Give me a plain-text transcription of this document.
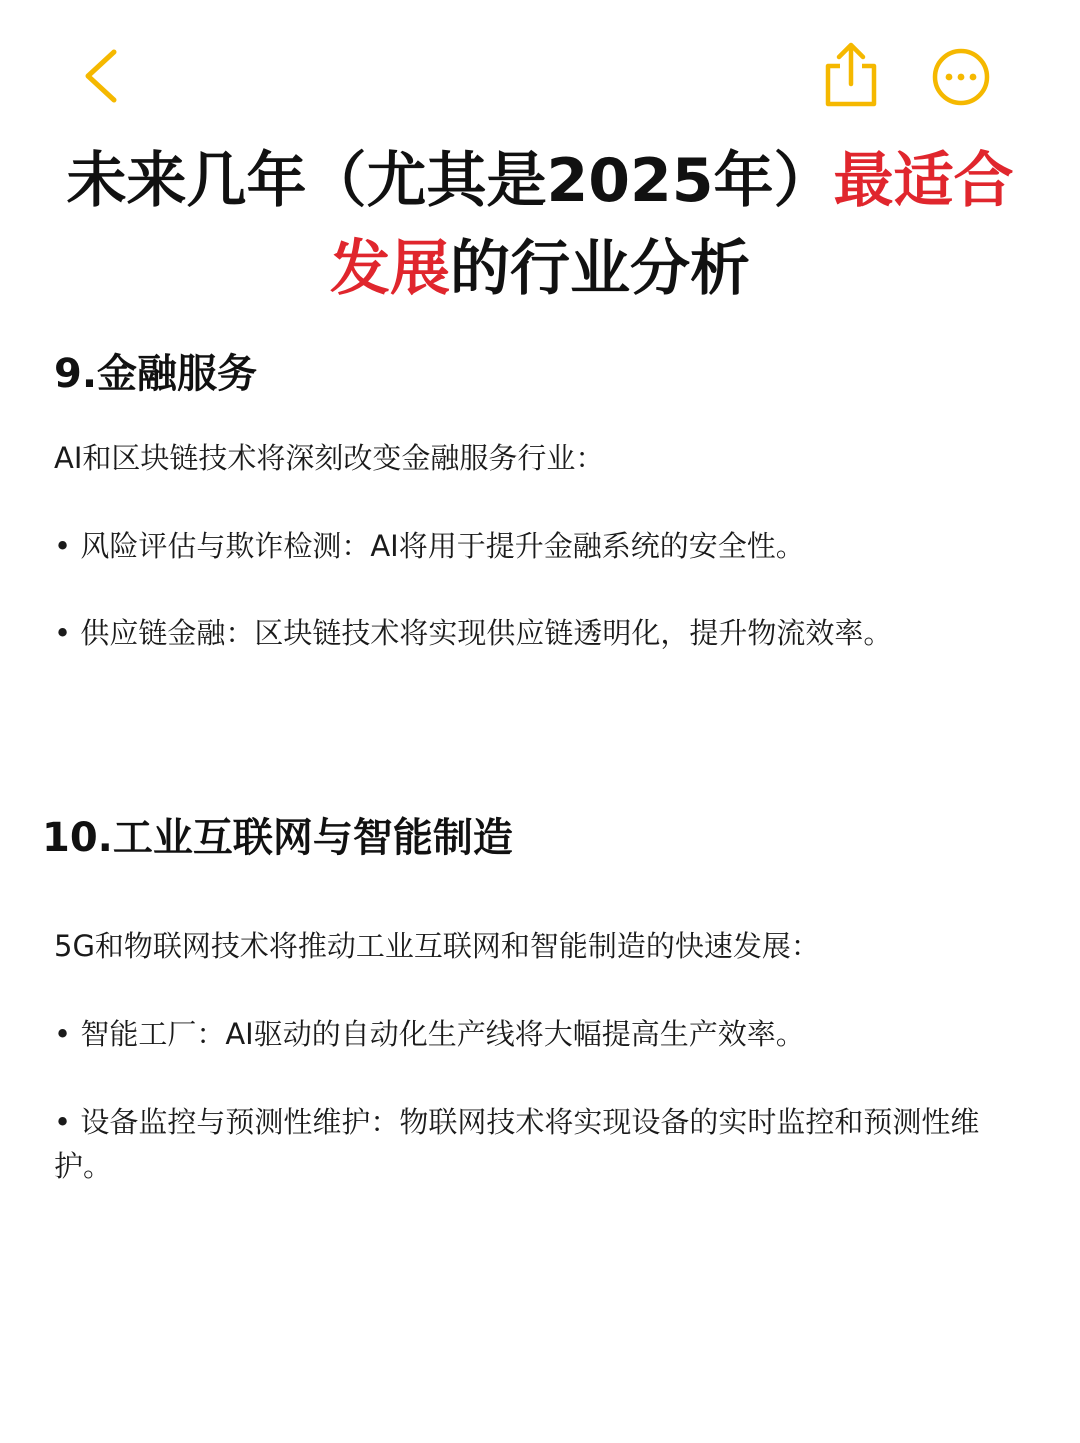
未来几年（尤其是2025年）最适合
发展的行业分析
9.金融服务
AI和区块链技术将深刻改变金融服务行业：
• 风险评估与欺诈检测：AI将用于提升金融系统的安全性。
• 供应链金融：区块链技术将实现供应链透明化，提升物流效率。
10.工业互联网与智能制造
5G和物联网技术将推动工业互联网和智能制造的快速发展：
• 智能工厂：AI驱动的自动化生产线将大幅提高生产效率。
• 设备监控与预测性维护：物联网技术将实现设备的实时监控和预测性维护。
